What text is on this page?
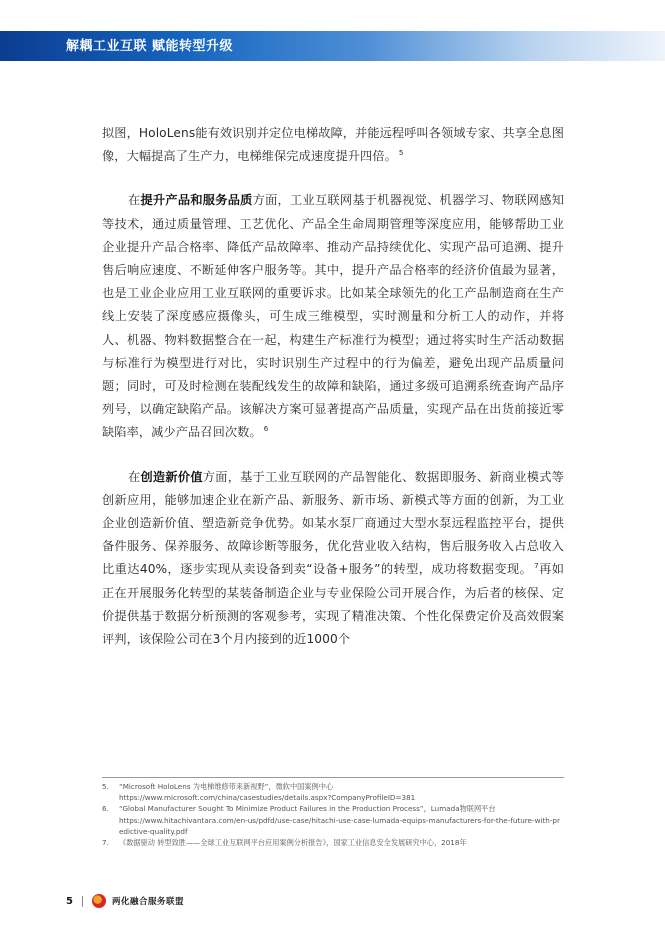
解耦工业互联 赋能转型升级

拟图，HoloLens能有效识别并定位电梯故障，并能远程呼叫各领域专家、共享全息图像，大幅提高了生产力，电梯维保完成速度提升四倍。 $^5$

在提升产品和服务品质方面，工业互联网基于机器视觉、机器学习、物联网感知等技术，通过质量管理、工艺优化、产品全生命周期管理等深度应用，能够帮助工业企业提升产品合格率、降低产品故障率、推动产品持续优化、实现产品可追溯、提升售后响应速度、不断延伸客户服务等。其中，提升产品合格率的经济价值最为显著，也是工业企业应用工业互联网的重要诉求。比如某全球领先的化工产品制造商在生产线上安装了深度感应摄像头，可生成三维模型，实时测量和分析工人的动作，并将人、机器、物料数据整合在一起，构建生产标准行为模型；通过将实时生产活动数据与标准行为模型进行对比，实时识别生产过程中的行为偏差，避免出现产品质量问题；同时，可及时检测在装配线发生的故障和缺陷，通过多级可追溯系统查询产品序列号，以确定缺陷产品。该解决方案可显著提高产品质量，实现产品在出货前接近零缺陷率，减少产品召回次数。 $^6$

在创造新价值方面，基于工业互联网的产品智能化、数据即服务、新商业模式等创新应用，能够加速企业在新产品、新服务、新市场、新模式等方面的创新，为工业企业创造新价值、塑造新竞争优势。如某水泵厂商通过大型水泵远程监控平台，提供备件服务、保养服务、故障诊断等服务，优化营业收入结构，售后服务收入占总收入比重达40%，逐步实现从卖设备到卖“设备+服务”的转型，成功将数据变现。 $^7$再如正在开展服务化转型的某装备制造企业与专业保险公司开展合作，为后者的核保、定价提供基于数据分析预测的客观参考，实现了精准决策、个性化保费定价及高效假案评判，该保险公司在3个月内接到的近1000个

5. “Microsoft HoloLens 为电梯维修带来新视野”，微软中国案例中心
https://www.microsoft.com/china/casestudies/details.aspx?CompanyProfileID=381
6. “Global Manufacturer Sought To Minimize Product Failures in the Production Process”，Lumada物联网平台
https://www.hitachivantara.com/en-us/pdfd/use-case/hitachi-use-case-lumada-equips-manufacturers-for-the-future-with-predictive-quality.pdf
7. 《数据驱动 转型致胜——全球工业互联网平台应用案例分析报告》，国家工业信息安全发展研究中心，2018年
5	两化融合服务联盟
